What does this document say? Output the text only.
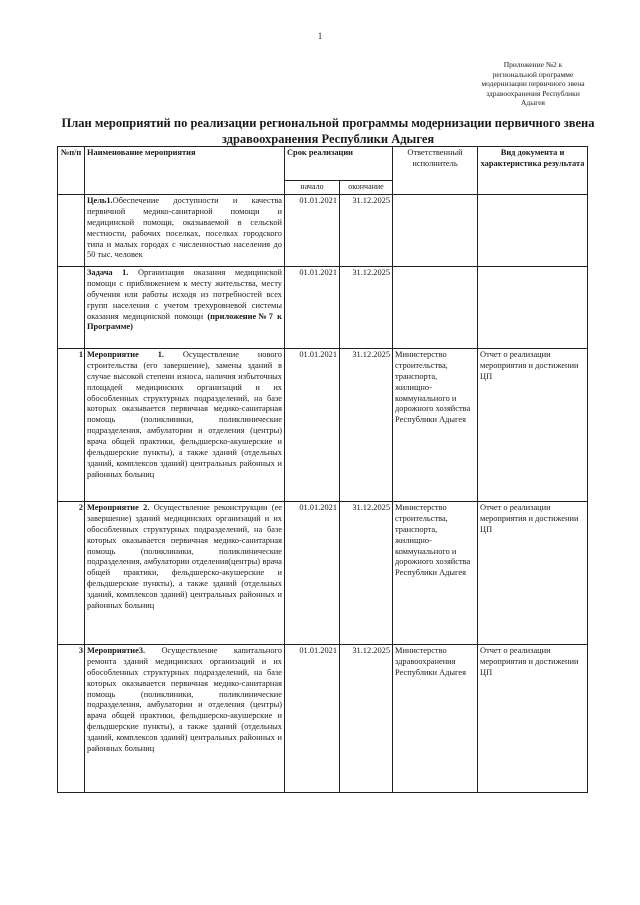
1
Приложение №2 к
региональной программе
модернизации первичного звена
здравоохранения Республики
Адыгея
План мероприятий по реализации региональной программы модернизации первичного звена
здравоохранения Республики Адыгея
№п/п	Наименование мероприятия	Срок реализации		Ответственный исполнитель	Вид документа и характеристика результата
		начало	окончание		
	Цель1.Обеспечение доступности и качества первичной медико-санитарной помощи и медицинской помощи, оказываемой в сельской местности, рабочих поселках, поселках городского типа и малых городах с численностью населения до 50 тыс. человек	01.01.2021	31.12.2025		
	Задача 1. Организация оказания медицинской помощи с приближением к месту жительства, месту обучения или работы исходя из потребностей всех групп населения с учетом трехуровневой системы оказания медицинской помощи (приложение№7 к Программе)	01.01.2021	31.12.2025		
1	Мероприятие 1. Осуществление нового строительства (его завершение), замены зданий в случае высокой степени износа, наличия избыточных площадей медицинских организаций и их обособленных структурных подразделений, на базе которых оказывается первичная медико-санитарная помощь (поликлиники, поликлинические подразделения, амбулатории и отделения (центры) врача общей практики, фельдшерско-акушерские и фельдшерские пункты), а также зданий (отдельных зданий, комплексов зданий) центральных районных и районных больниц	01.01.2021	31.12.2025	Министерство строительства, транспорта, жилищно-коммунального и дорожного хозяйства Республики Адыгея	Отчет о реализации мероприятия и достижении ЦП
2	Мероприятие 2. Осуществление реконструкции (ее завершение) зданий медицинских организаций и их обособленных структурных подразделений, на базе которых оказывается первичная медико-санитарная помощь (поликлиники, поликлинические подразделения, амбулатории отделения(центры) врача общей практики, фельдшерско-акушерские и фельдшерские пункты), а также зданий (отдельных зданий, комплексов зданий) центральных районных и районных больниц	01.01.2021	31.12.2025	Министерство строительства, транспорта, жилищно-коммунального и дорожного хозяйства Республики Адыгея	Отчет о реализации мероприятия и достижении ЦП
3	Мероприятие3. Осуществление капитального ремонта зданий медицинских организаций и их обособленных структурных подразделений, на базе которых оказывается первичная медико-санитарная помощь (поликлиники, поликлинические подразделения, амбулатории и отделения (центры) врача общей практики, фельдшерско-акушерские и фельдшерские пункты), а также зданий (отдельных зданий, комплексов зданий) центральных районных и районных больниц	01.01.2021	31.12.2025	Министерство здравоохранения Республики Адыгея	Отчет о реализации мероприятия и достижении ЦП
